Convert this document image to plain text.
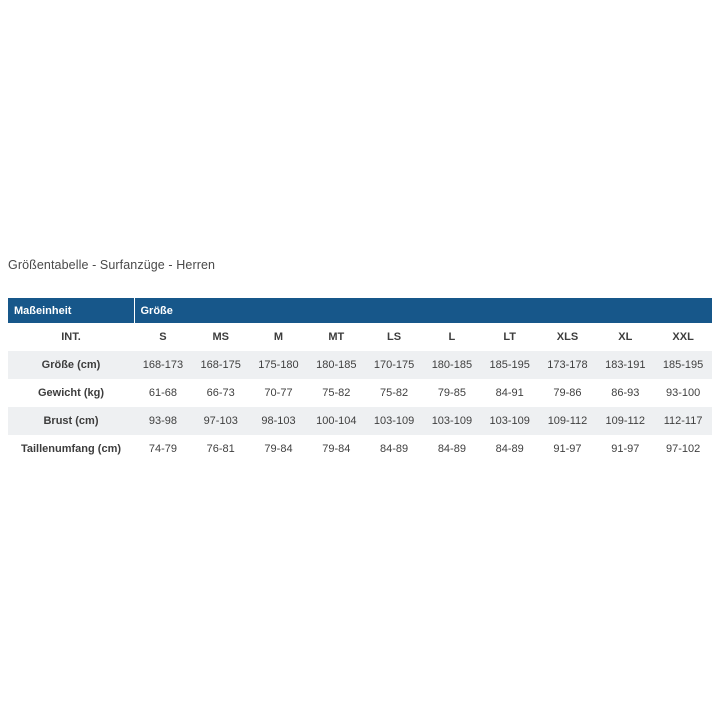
Größentabelle - Surfanzüge - Herren
Maßeinheit	Größe									
INT.	S	MS	M	MT	LS	L	LT	XLS	XL	XXL
Größe (cm)	168-173	168-175	175-180	180-185	170-175	180-185	185-195	173-178	183-191	185-195
Gewicht (kg)	61-68	66-73	70-77	75-82	75-82	79-85	84-91	79-86	86-93	93-100
Brust (cm)	93-98	97-103	98-103	100-104	103-109	103-109	103-109	109-112	109-112	112-117
Taillenumfang (cm)	74-79	76-81	79-84	79-84	84-89	84-89	84-89	91-97	91-97	97-102
